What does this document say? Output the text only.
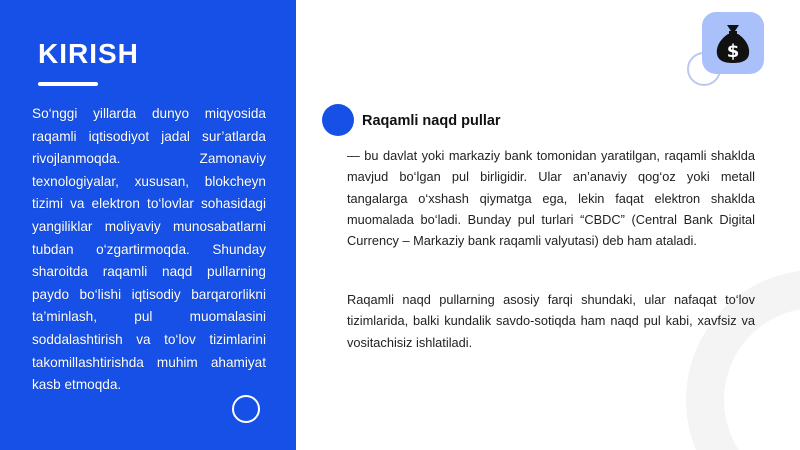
KIRISH

So‘nggi yillarda dunyo miqyosida raqamli iqtisodiyot jadal sur’atlarda rivojlanmoqda. Zamonaviy texnologiyalar, xususan, blokcheyn tizimi va elektron to‘lovlar sohasidagi yangiliklar moliyaviy munosabatlarni tubdan o‘zgartirmoqda. Shunday sharoitda raqamli naqd pullarning paydo bo‘lishi iqtisodiy barqarorlikni ta’minlash, pul muomalasini soddalashtirish va to‘lov tizimlarini takomillashtirishda muhim ahamiyat kasb etmoqda.

$
Raqamli naqd pullar

— bu davlat yoki markaziy bank tomonidan yaratilgan, raqamli shaklda mavjud bo‘lgan pul birligidir. Ular an’anaviy qog‘oz yoki metall tangalarga o‘xshash qiymatga ega, lekin faqat elektron shaklda muomalada bo‘ladi. Bunday pul turlari “CBDC” (Central Bank Digital Currency – Markaziy bank raqamli valyutasi) deb ham ataladi.

Raqamli naqd pullarning asosiy farqi shundaki, ular nafaqat to‘lov tizimlarida, balki kundalik savdo-sotiqda ham naqd pul kabi, xavfsiz va vositachisiz ishlatiladi.
